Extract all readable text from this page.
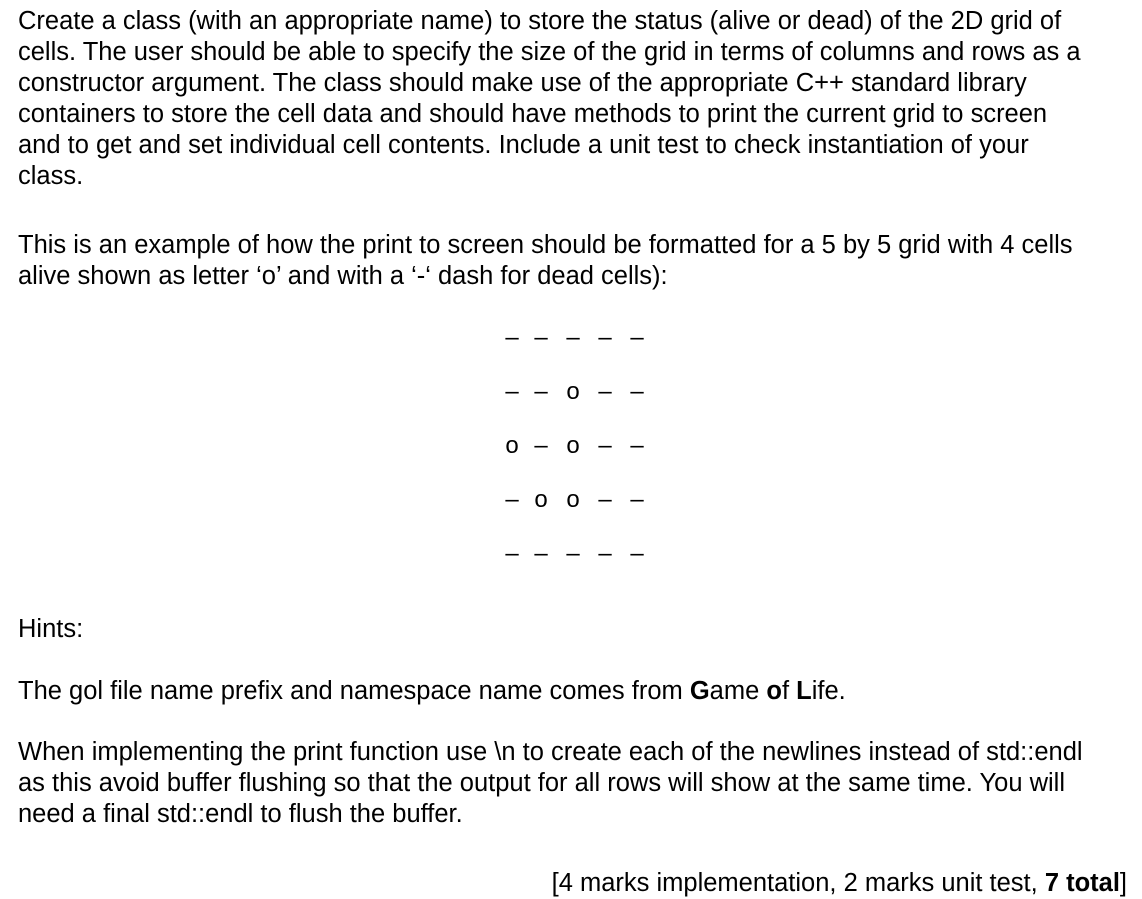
Create a class (with an appropriate name) to store the status (alive or dead) of the 2D grid of
cells. The user should be able to specify the size of the grid in terms of columns and rows as a
constructor argument. The class should make use of the appropriate C++ standard library
containers to store the cell data and should have methods to print the current grid to screen
and to get and set individual cell contents. Include a unit test to check instantiation of your
class.

This is an example of how the print to screen should be formatted for a 5 by 5 grid with 4 cells
alive shown as letter ‘o’ and with a ‘-‘ dash for dead cells):

– – – – –
– – o – –
o – o – –
– o o – –
– – – – –

Hints:

The gol file name prefix and namespace name comes from Game of Life.

When implementing the print function use \n to create each of the newlines instead of std::endl
as this avoid buffer flushing so that the output for all rows will show at the same time. You will
need a final std::endl to flush the buffer.

[4 marks implementation, 2 marks unit test, 7 total]
